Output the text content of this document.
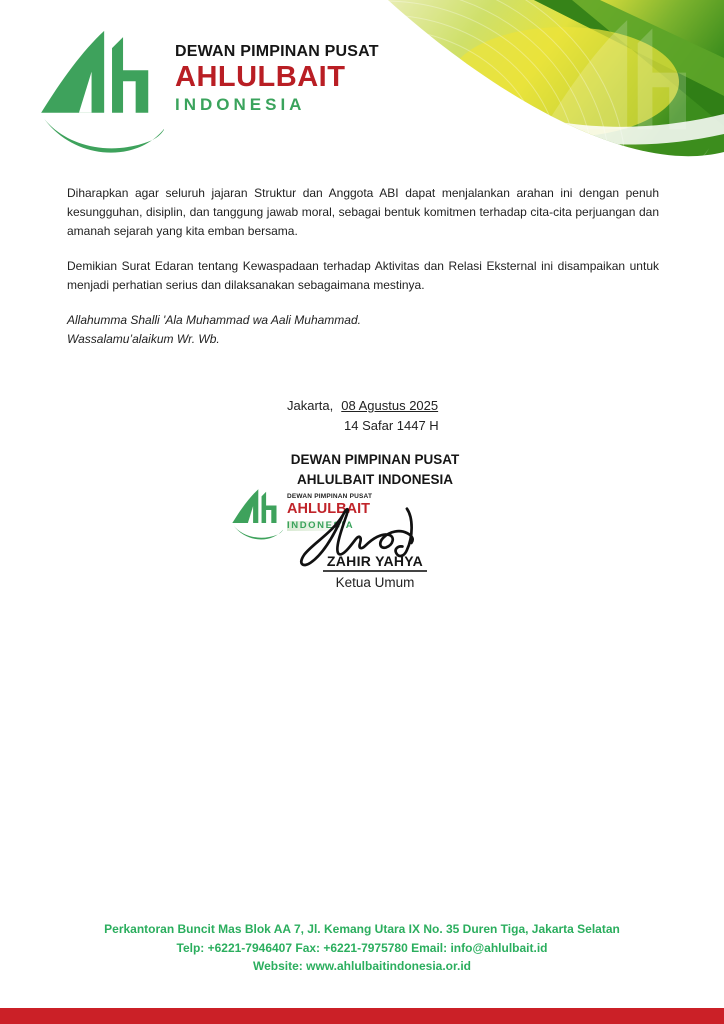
DEWAN PIMPINAN PUSAT
AHLULBAIT
INDONESIA

Diharapkan agar seluruh jajaran Struktur dan Anggota ABI dapat menjalankan arahan ini dengan penuh kesungguhan, disiplin, dan tanggung jawab moral, sebagai bentuk komitmen terhadap cita-cita perjuangan dan amanah sejarah yang kita emban bersama.

Demikian Surat Edaran tentang Kewaspadaan terhadap Aktivitas dan Relasi Eksternal ini disampaikan untuk menjadi perhatian serius dan dilaksanakan sebagaimana mestinya.

Allahumma Shalli 'Ala Muhammad wa Aali Muhammad.
Wassalamu’alaikum Wr. Wb.
Jakarta, 08 Agustus 2025
14 Safar 1447 H
DEWAN PIMPINAN PUSAT
AHLULBAIT INDONESIA
DEWAN PIMPINAN PUSAT
AHLULBAIT
INDONESIA
ZAHIR YAHYA
Ketua Umum
Perkantoran Buncit Mas Blok AA 7, Jl. Kemang Utara IX No. 35 Duren Tiga, Jakarta Selatan
Telp: +6221-7946407 Fax: +6221-7975780 Email: info@ahlulbait.id
Website: www.ahlulbaitindonesia.or.id
